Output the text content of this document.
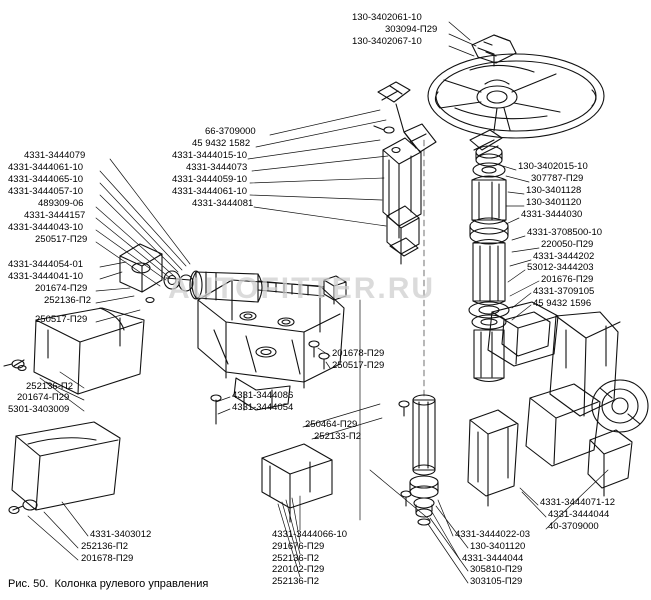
AUTOFITTER.RU
130-3402061-10
303094-П29
130-3402067-10
130-3402015-10
307787-П29
130-3401128
130-3401120
4331-3444030
4331-3708500-10
220050-П29
4331-3444202
53012-3444203
201676-П29
4331-3709105
45 9432 1596
66-3709000
45 9432 1582
4331-3444015-10
4331-3444073
4331-3444059-10
4331-3444061-10
4331-3444081
4331-3444079
4331-3444061-10
4331-3444065-10
4331-3444057-10
489309-06
4331-3444157
4331-3444043-10
250517-П29
4331-3444054-01
4331-3444041-10
201674-П29
252136-П2
250517-П29
252136-П2
201674-П29
5301-3403009
4331-3403012
252136-П2
201678-П29
201678-П29
250517-П29
4331-3444086
4331-3444054
250464-П29
252133-П2
4331-3444066-10
291676-П29
252136-П2
220102-П29
252136-П2
4331-3444022-03
130-3401120
4331-3444044
305810-П29
303105-П29
4331-3444071-12
4331-3444044
40-3709000
Рис. 50. Колонка рулевого управления
